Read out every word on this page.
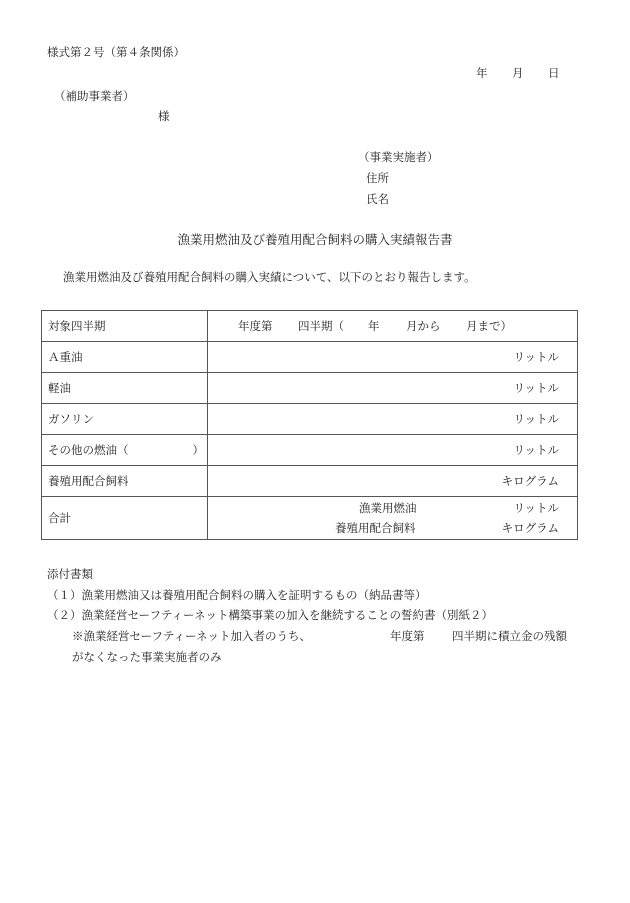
様式第２号（第４条関係）
年 月 日
（補助事業者）
様
（事業実施者）
住所
氏名
漁業用燃油及び養殖用配合飼料の購入実績報告書
漁業用燃油及び養殖用配合飼料の購入実績について、以下のとおり報告します。
対象四半期	年度第 四半期（ 年 月から 月まで）
Ａ重油	リットル
軽油	リットル
ガソリン	リットル
その他の燃油（ ）	リットル
養殖用配合飼料	キログラム
合計	漁業用燃油 リットル
養殖用配合飼料 キログラム
添付書類
（１）漁業用燃油又は養殖用配合飼料の購入を証明するもの（納品書等）
（２）漁業経営セーフティーネット構築事業の加入を継続することの誓約書（別紙２）
※漁業経営セーフティーネット加入者のうち、	年度第 四半期に積立金の残額
がなくなった事業実施者のみ
